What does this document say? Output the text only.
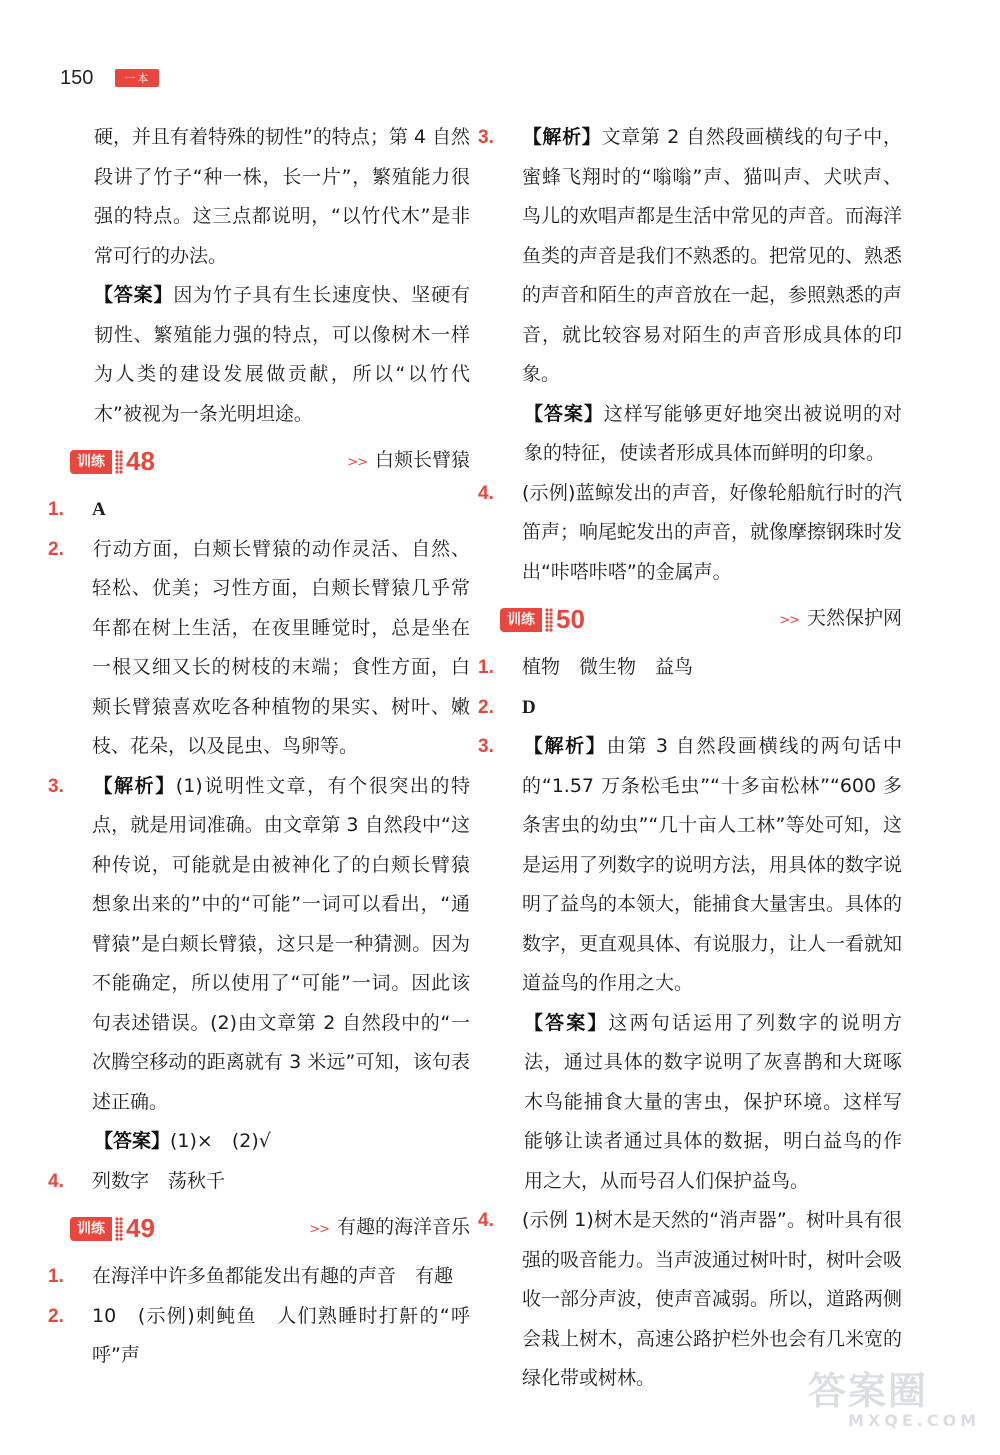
150	一本

硬，并且有着特殊的韧性”的特点；第 4 自然段讲了竹子“种一株，长一片”，繁殖能力很强的特点。这三点都说明，“以竹代木”是非常可行的办法。

【答案】因为竹子具有生长速度快、坚硬有韧性、繁殖能力强的特点，可以像树木一样为人类的建设发展做贡献，所以“以竹代木”被视为一条光明坦途。

训练 48	>> 白颊长臂猿

1. A

2. 行动方面，白颊长臂猿的动作灵活、自然、轻松、优美；习性方面，白颊长臂猿几乎常年都在树上生活，在夜里睡觉时，总是坐在一根又细又长的树枝的末端；食性方面，白颊长臂猿喜欢吃各种植物的果实、树叶、嫩枝、花朵，以及昆虫、鸟卵等。

3. 【解析】(1)说明性文章，有个很突出的特点，就是用词准确。由文章第 3 自然段中“这种传说，可能就是由被神化了的白颊长臂猿想象出来的”中的“可能”一词可以看出，“通臂猿”是白颊长臂猿，这只是一种猜测。因为不能确定，所以使用了“可能”一词。因此该句表述错误。(2)由文章第 2 自然段中的“一次腾空移动的距离就有 3 米远”可知，该句表述正确。

【答案】(1)×　(2)√

4. 列数字　荡秋千

训练 49	>> 有趣的海洋音乐

1. 在海洋中许多鱼都能发出有趣的声音　有趣

2. 10　(示例)刺鲀鱼　人们熟睡时打鼾的“呼呼”声

3. 【解析】文章第 2 自然段画横线的句子中，蜜蜂飞翔时的“嗡嗡”声、猫叫声、犬吠声、鸟儿的欢唱声都是生活中常见的声音。而海洋鱼类的声音是我们不熟悉的。把常见的、熟悉的声音和陌生的声音放在一起，参照熟悉的声音，就比较容易对陌生的声音形成具体的印象。

【答案】这样写能够更好地突出被说明的对象的特征，使读者形成具体而鲜明的印象。

4. (示例)蓝鲸发出的声音，好像轮船航行时的汽笛声；响尾蛇发出的声音，就像摩擦钢珠时发出“咔嗒咔嗒”的金属声。

训练 50	>> 天然保护网

1. 植物　微生物　益鸟

2. D

3. 【解析】由第 3 自然段画横线的两句话中的“1.57 万条松毛虫”“十多亩松林”“600 多条害虫的幼虫”“几十亩人工林”等处可知，这是运用了列数字的说明方法，用具体的数字说明了益鸟的本领大，能捕食大量害虫。具体的数字，更直观具体、有说服力，让人一看就知道益鸟的作用之大。

【答案】这两句话运用了列数字的说明方法，通过具体的数字说明了灰喜鹊和大斑啄木鸟能捕食大量的害虫，保护环境。这样写能够让读者通过具体的数据，明白益鸟的作用之大，从而号召人们保护益鸟。

4. (示例 1)树木是天然的“消声器”。树叶具有很强的吸音能力。当声波通过树叶时，树叶会吸收一部分声波，使声音减弱。所以，道路两侧会栽上树木，高速公路护栏外也会有几米宽的绿化带或树林。	答案圈
MXQE.COM
